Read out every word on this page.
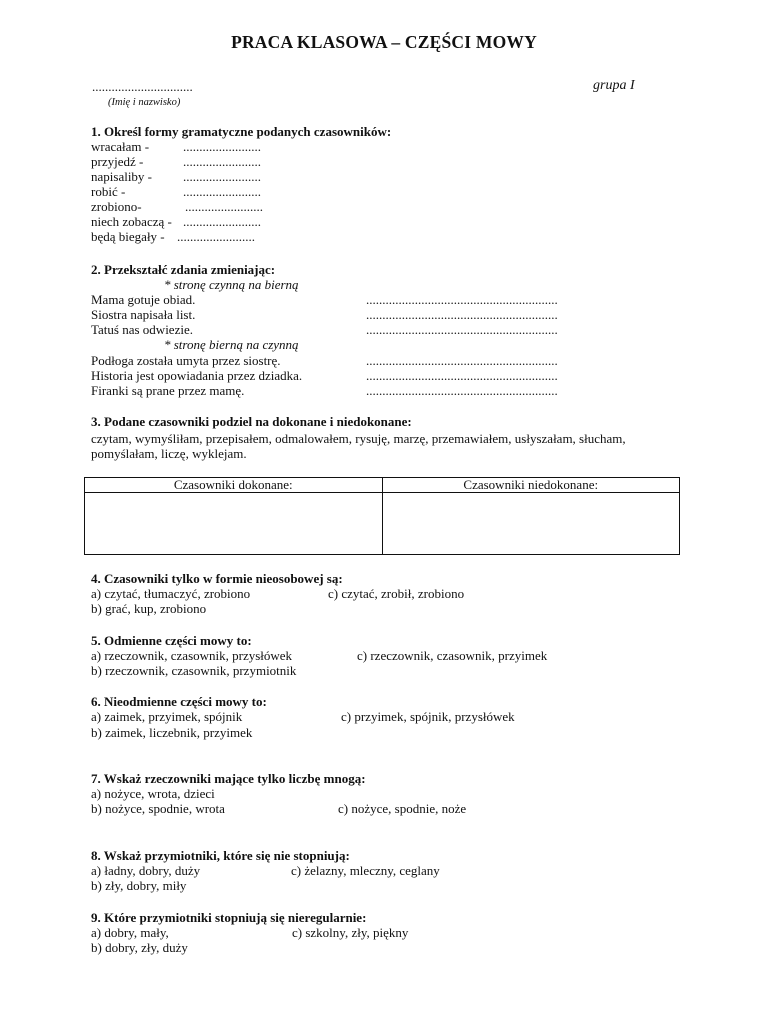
PRACA KLASOWA – CZĘŚCI MOWY
...............................
(Imię i nazwisko)
grupa I
1. Określ formy gramatyczne podanych czasowników:
wracałam -	........................
przyjedź -	........................
napisaliby - ........................
robić -	........................
zrobiono-	........................
niech zobaczą - ........................
będą biegały - ........................
2. Przekształć zdania zmieniając:
* stronę czynną na bierną
Mama gotuje obiad.	...........................................................
Siostra napisała list.	...........................................................
Tatuś nas odwiezie.	...........................................................
* stronę bierną na czynną
Podłoga została umyta przez siostrę.	...........................................................
Historia jest opowiadania przez dziadka.	...........................................................
Firanki są prane przez mamę.	...........................................................
3. Podane czasowniki podziel na dokonane i niedokonane:
czytam, wymyśliłam, przepisałem, odmalowałem, rysuję, marzę, przemawiałem, usłyszałam, słucham,
pomyślałam, liczę, wyklejam.
Czasowniki dokonane:	Czasowniki niedokonane:

4. Czasowniki tylko w formie nieosobowej są:
a) czytać, tłumaczyć, zrobiono	c) czytać, zrobił, zrobiono
b) grać, kup, zrobiono
5. Odmienne części mowy to:
a) rzeczownik, czasownik, przysłówek	c) rzeczownik, czasownik, przyimek
b) rzeczownik, czasownik, przymiotnik
6. Nieodmienne części mowy to:
a) zaimek, przyimek, spójnik	c) przyimek, spójnik, przysłówek
b) zaimek, liczebnik, przyimek
7. Wskaż rzeczowniki mające tylko liczbę mnogą:
a) nożyce, wrota, dzieci
b) nożyce, spodnie, wrota	c) nożyce, spodnie, noże
8. Wskaż przymiotniki, które się nie stopniują:
a) ładny, dobry, duży	c) żelazny, mleczny, ceglany
b) zły, dobry, miły
9. Które przymiotniki stopniują się nieregularnie:
a) dobry, mały,	c) szkolny, zły, piękny
b) dobry, zły, duży
